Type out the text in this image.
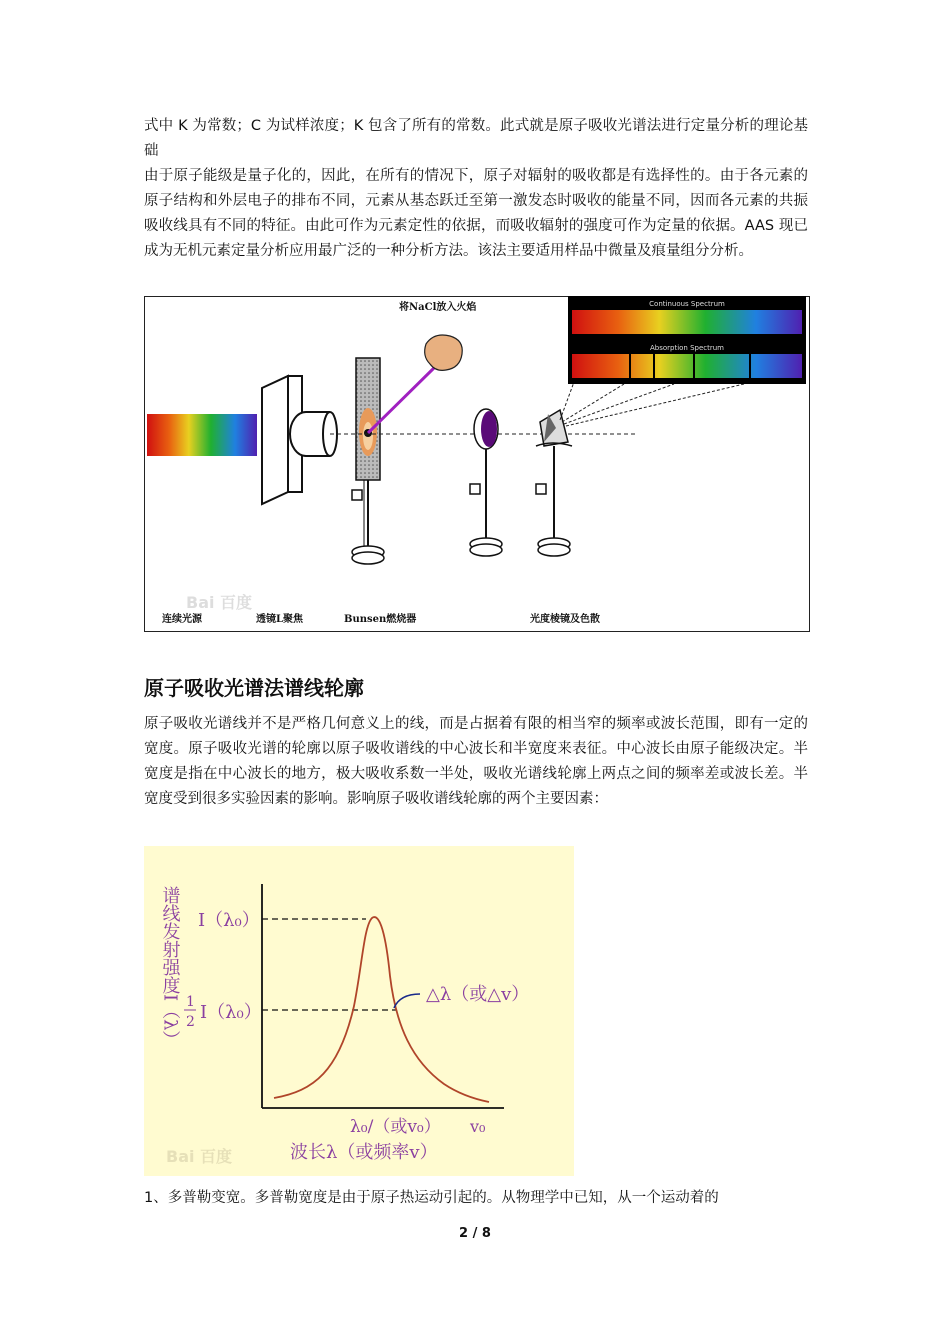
式中 K 为常数；C 为试样浓度；K 包含了所有的常数。此式就是原子吸收光谱法进行定量分析的理论基础

由于原子能级是量子化的，因此，在所有的情况下，原子对辐射的吸收都是有选择性的。由于各元素的原子结构和外层电子的排布不同，元素从基态跃迁至第一激发态时吸收的能量不同，因而各元素的共振吸收线具有不同的特征。由此可作为元素定性的依据，而吸收辐射的强度可作为定量的依据。AAS 现已成为无机元素定量分析应用最广泛的一种分析方法。该法主要适用样品中微量及痕量组分分析。

将NaCl放入火焰	Continuous Spectrum
Absorption Spectrum
Bai 百度
连续光源	透镜L聚焦	Bunsen燃烧器	光度棱镜及色散
原子吸收光谱法谱线轮廓

原子吸收光谱线并不是严格几何意义上的线，而是占据着有限的相当窄的频率或波长范围，即有一定的宽度。原子吸收光谱的轮廓以原子吸收谱线的中心波长和半宽度来表征。中心波长由原子能级决定。半宽度是指在中心波长的地方，极大吸收系数一半处，吸收光谱线轮廓上两点之间的频率差或波长差。半宽度受到很多实验因素的影响。影响原子吸收谱线轮廓的两个主要因素：

谱线发射强度I（λ） I（λ₀）
1
2 I（λ₀）
△λ（或△v）
λ₀/（或v₀） v₀
波长λ（或频率v）
Bai 百度

1、多普勒变宽。多普勒宽度是由于原子热运动引起的。从物理学中已知，从一个运动着的

2 / 8
